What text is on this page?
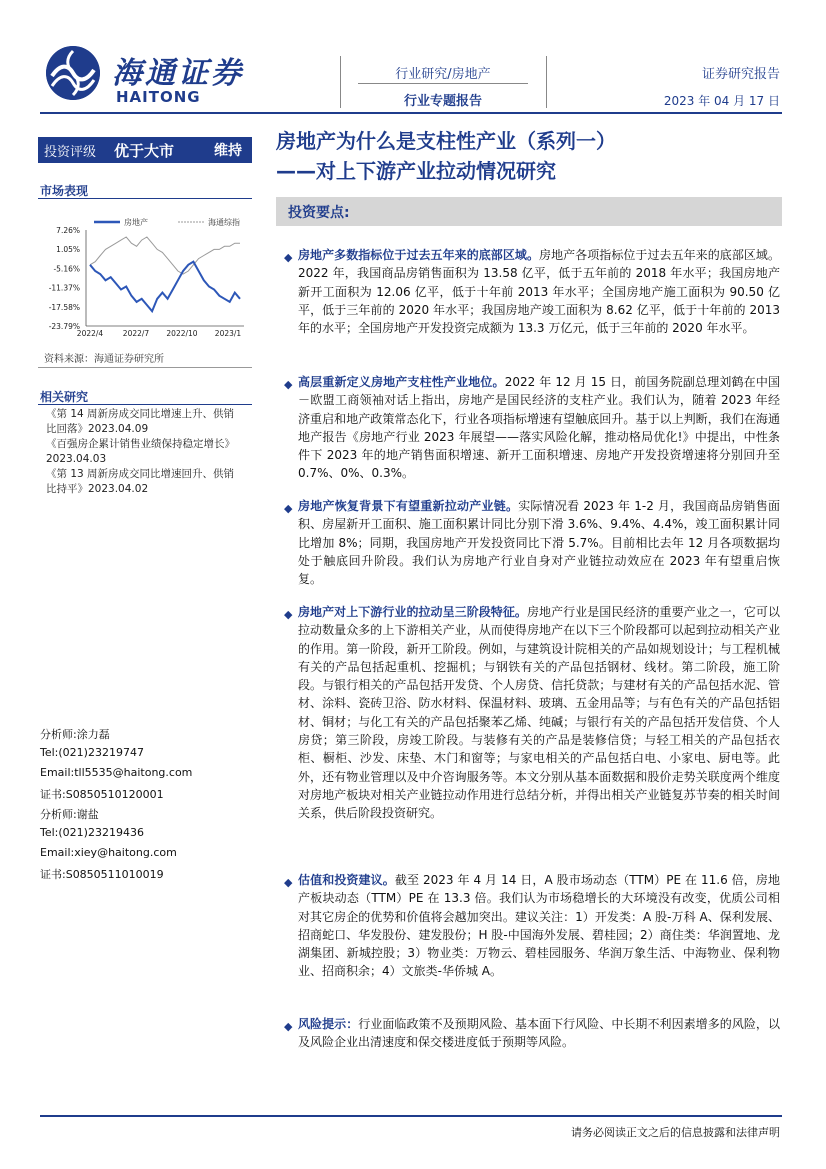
海通证券
HAITONG
行业研究/房地产
行业专题报告
证券研究报告
2023 年 04 月 17 日
投资评级	优于大市	维持	房地产为什么是支柱性产业（系列一）
——对上下游产业拉动情况研究
投资要点:
市场表现
房地产	海通综指
7.26%
1.05%
-5.16%
-11.37%
-17.58%
-23.79%
2022/4	2022/7 2022/10 2023/1
资料来源：海通证券研究所
相关研究
《第 14 周新房成交同比增速上升、供销
比回落》2023.04.09
《百强房企累计销售业绩保持稳定增长》
2023.04.03
《第 13 周新房成交同比增速回升、供销
比持平》2023.04.02
分析师:涂力磊
Tel:(021)23219747
Email:tll5535@haitong.com
证书:S0850510120001
分析师:谢盐
Tel:(021)23219436
Email:xiey@haitong.com
证书:S0850511010019
◆ 房地产多数指标位于过去五年来的底部区域。房地产各项指标位于过去五年来的底部区域。2022 年，我国商品房销售面积为 13.58 亿平，低于五年前的 2018 年水平；我国房地产新开工面积为 12.06 亿平，低于十年前 2013 年水平；全国房地产施工面积为 90.50 亿平，低于三年前的 2020 年水平；我国房地产竣工面积为 8.62 亿平，低于十年前的 2013 年的水平；全国房地产开发投资完成额为 13.3 万亿元，低于三年前的 2020 年水平。
◆ 高层重新定义房地产支柱性产业地位。2022 年 12 月 15 日，前国务院副总理刘鹤在中国－欧盟工商领袖对话上指出，房地产是国民经济的支柱产业。我们认为，随着 2023 年经济重启和地产政策常态化下，行业各项指标增速有望触底回升。基于以上判断，我们在海通地产报告《房地产行业 2023 年展望——落实风险化解，推动格局优化!》中提出，中性条件下 2023 年的地产销售面积增速、新开工面积增速、房地产开发投资增速将分别回升至 0.7%、0%、0.3%。
◆ 房地产恢复背景下有望重新拉动产业链。实际情况看 2023 年 1-2 月，我国商品房销售面积、房屋新开工面积、施工面积累计同比分别下滑 3.6%、9.4%、4.4%，竣工面积累计同比增加 8%；同期，我国房地产开发投资同比下滑 5.7%。目前相比去年 12 月各项数据均处于触底回升阶段。我们认为房地产行业自身对产业链拉动效应在 2023 年有望重启恢复。
◆ 房地产对上下游行业的拉动呈三阶段特征。房地产行业是国民经济的重要产业之一，它可以拉动数量众多的上下游相关产业，从而使得房地产在以下三个阶段都可以起到拉动相关产业的作用。第一阶段，新开工阶段。例如，与建筑设计院相关的产品如规划设计；与工程机械有关的产品包括起重机、挖掘机；与钢铁有关的产品包括钢材、线材。第二阶段，施工阶段。与银行相关的产品包括开发贷、个人房贷、信托贷款；与建材有关的产品包括水泥、管材、涂料、瓷砖卫浴、防水材料、保温材料、玻璃、五金用品等；与有色有关的产品包括铝材、铜材；与化工有关的产品包括聚苯乙烯、纯碱；与银行有关的产品包括开发信贷、个人房贷；第三阶段，房竣工阶段。与装修有关的产品是装修信贷；与轻工相关的产品包括衣柜、橱柜、沙发、床垫、木门和窗等；与家电相关的产品包括白电、小家电、厨电等。此外，还有物业管理以及中介咨询服务等。本文分别从基本面数据和股价走势关联度两个维度对房地产板块对相关产业链拉动作用进行总结分析，并得出相关产业链复苏节奏的相关时间关系，供后阶段投资研究。
◆ 估值和投资建议。截至 2023 年 4 月 14 日，A 股市场动态（TTM）PE 在 11.6 倍，房地产板块动态（TTM）PE 在 13.3 倍。我们认为市场稳增长的大环境没有改变，优质公司相对其它房企的优势和价值将会越加突出。建议关注：1）开发类：A 股-万科 A、保利发展、招商蛇口、华发股份、建发股份；H 股-中国海外发展、碧桂园；2）商住类：华润置地、龙湖集团、新城控股；3）物业类：万物云、碧桂园服务、华润万象生活、中海物业、保利物业、招商积余；4）文旅类-华侨城 A。
◆ 风险提示：行业面临政策不及预期风险、基本面下行风险、中长期不利因素增多的风险，以及风险企业出清速度和保交楼进度低于预期等风险。
请务必阅读正文之后的信息披露和法律声明
